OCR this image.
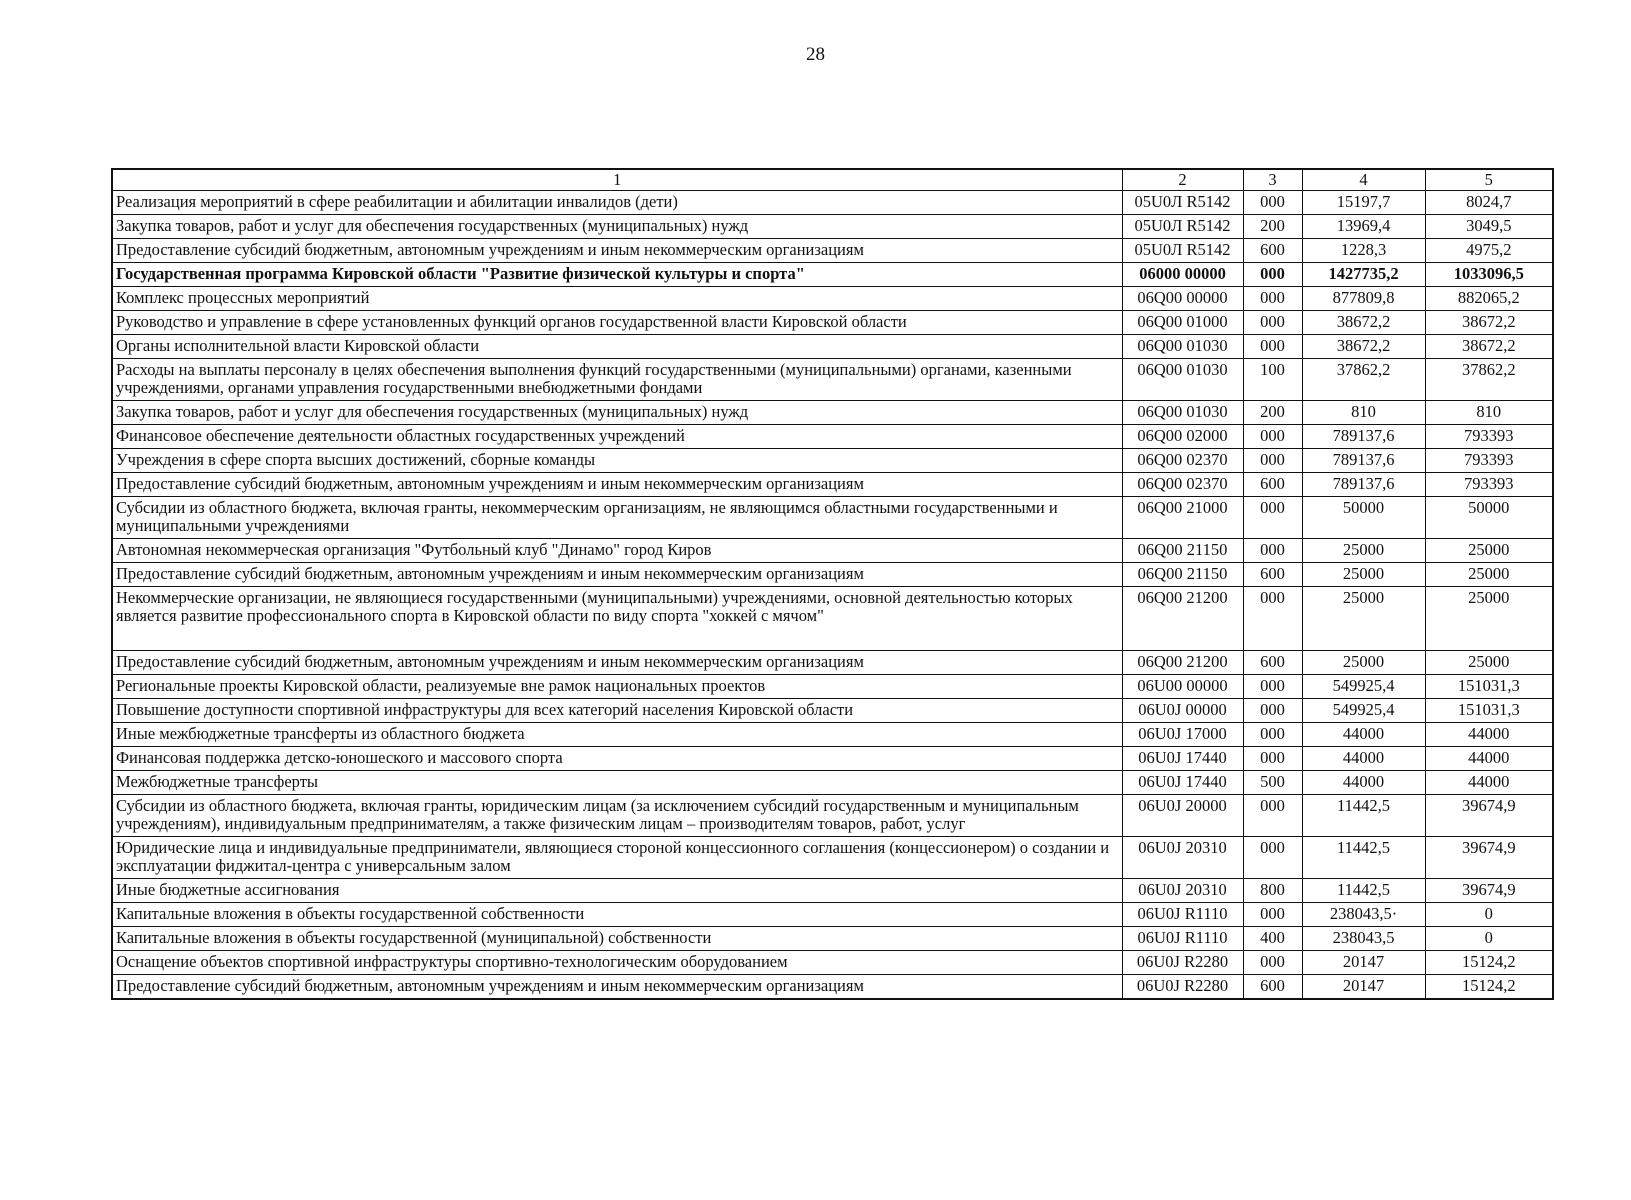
28
1	2	3	4	5
Реализация мероприятий в сфере реабилитации и абилитации инвалидов (дети)	05U0Л R5142	000	15197,7	8024,7
Закупка товаров, работ и услуг для обеспечения государственных (муниципальных) нужд	05U0Л R5142	200	13969,4	3049,5
Предоставление субсидий бюджетным, автономным учреждениям и иным некоммерческим организациям	05U0Л R5142	600	1228,3	4975,2
Государственная программа Кировской области "Развитие физической культуры и спорта"	06000 00000	000	1427735,2	1033096,5
Комплекс процессных мероприятий	06Q00 00000	000	877809,8	882065,2
Руководство и управление в сфере установленных функций органов государственной власти Кировской области	06Q00 01000	000	38672,2	38672,2
Органы исполнительной власти Кировской области	06Q00 01030	000	38672,2	38672,2
Расходы на выплаты персоналу в целях обеспечения выполнения функций государственными (муниципальными) органами, казенными учреждениями, органами управления государственными внебюджетными фондами	06Q00 01030	100	37862,2	37862,2
Закупка товаров, работ и услуг для обеспечения государственных (муниципальных) нужд	06Q00 01030	200	810	810
Финансовое обеспечение деятельности областных государственных учреждений	06Q00 02000	000	789137,6	793393
Учреждения в сфере спорта высших достижений, сборные команды	06Q00 02370	000	789137,6	793393
Предоставление субсидий бюджетным, автономным учреждениям и иным некоммерческим организациям	06Q00 02370	600	789137,6	793393
Субсидии из областного бюджета, включая гранты, некоммерческим организациям, не являющимся областными государственными и муниципальными учреждениями	06Q00 21000	000	50000	50000
Автономная некоммерческая организация "Футбольный клуб "Динамо" город Киров	06Q00 21150	000	25000	25000
Предоставление субсидий бюджетным, автономным учреждениям и иным некоммерческим организациям	06Q00 21150	600	25000	25000
Некоммерческие организации, не являющиеся государственными (муниципальными) учреждениями, основной деятельностью которых является развитие профессионального спорта в Кировской области по виду спорта "хоккей с мячом"	06Q00 21200	000	25000	25000
Предоставление субсидий бюджетным, автономным учреждениям и иным некоммерческим организациям	06Q00 21200	600	25000	25000
Региональные проекты Кировской области, реализуемые вне рамок национальных проектов	06U00 00000	000	549925,4	151031,3
Повышение доступности спортивной инфраструктуры для всех категорий населения Кировской области	06U0J 00000	000	549925,4	151031,3
Иные межбюджетные трансферты из областного бюджета	06U0J 17000	000	44000	44000
Финансовая поддержка детско-юношеского и массового спорта	06U0J 17440	000	44000	44000
Межбюджетные трансферты	06U0J 17440	500	44000	44000
Субсидии из областного бюджета, включая гранты, юридическим лицам (за исключением субсидий государственным и муниципальным учреждениям), индивидуальным предпринимателям, а также физическим лицам – производителям товаров, работ, услуг	06U0J 20000	000	11442,5	39674,9
Юридические лица и индивидуальные предприниматели, являющиеся стороной концессионного соглашения (концессионером) о создании и эксплуатации фиджитал-центра с универсальным залом	06U0J 20310	000	11442,5	39674,9
Иные бюджетные ассигнования	06U0J 20310	800	11442,5	39674,9
Капитальные вложения в объекты государственной собственности	06U0J R1110	000	238043,5·	0
Капитальные вложения в объекты государственной (муниципальной) собственности	06U0J R1110	400	238043,5	0
Оснащение объектов спортивной инфраструктуры спортивно-технологическим оборудованием	06U0J R2280	000	20147	15124,2
Предоставление субсидий бюджетным, автономным учреждениям и иным некоммерческим организациям	06U0J R2280	600	20147	15124,2
